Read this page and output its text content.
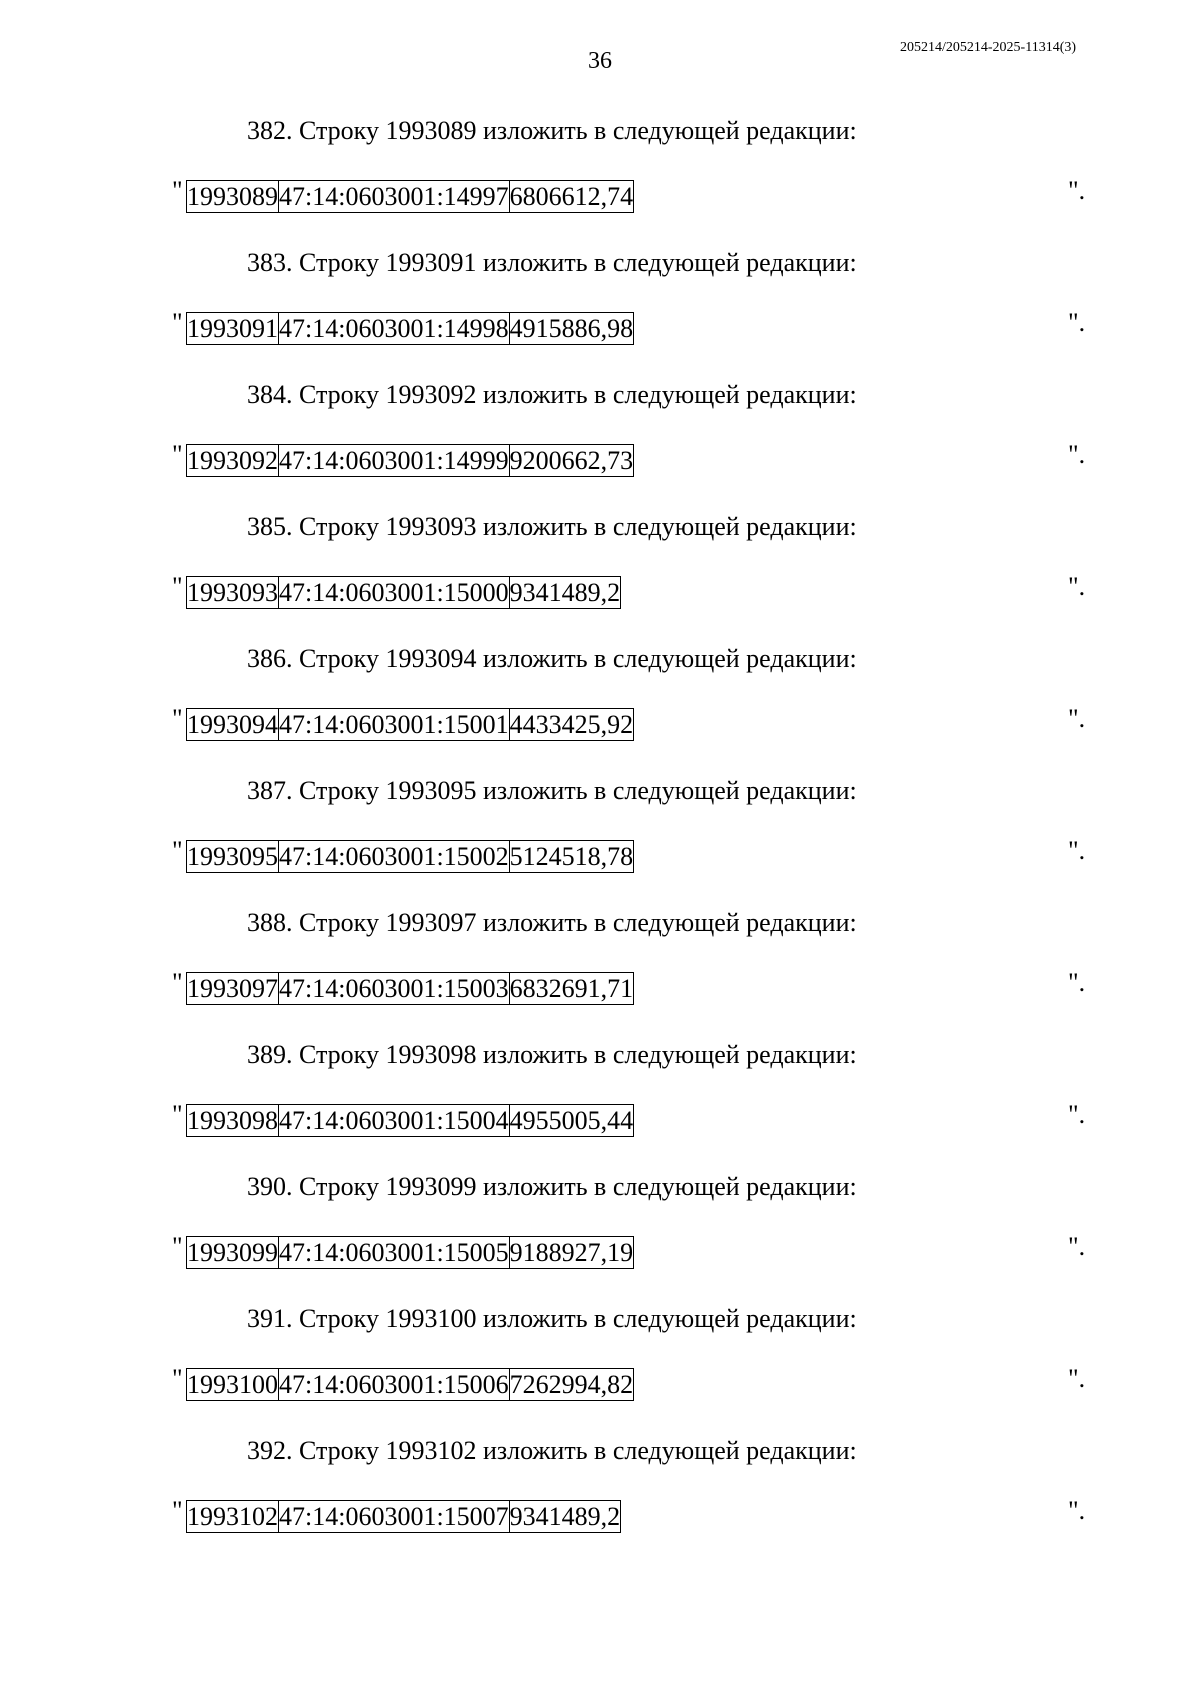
36
205214/205214-2025-11314(3)
382. Строку 1993089 изложить в следующей редакции:
" 1993089	47:14:0603001:14997	6806612,74	".
383. Строку 1993091 изложить в следующей редакции:
" 1993091	47:14:0603001:14998	4915886,98	".
384. Строку 1993092 изложить в следующей редакции:
" 1993092	47:14:0603001:14999	9200662,73	".
385. Строку 1993093 изложить в следующей редакции:
" 1993093	47:14:0603001:15000	9341489,2	".
386. Строку 1993094 изложить в следующей редакции:
" 1993094	47:14:0603001:15001	4433425,92	".
387. Строку 1993095 изложить в следующей редакции:
" 1993095	47:14:0603001:15002	5124518,78	".
388. Строку 1993097 изложить в следующей редакции:
" 1993097	47:14:0603001:15003	6832691,71	".
389. Строку 1993098 изложить в следующей редакции:
" 1993098	47:14:0603001:15004	4955005,44	".
390. Строку 1993099 изложить в следующей редакции:
" 1993099	47:14:0603001:15005	9188927,19	".
391. Строку 1993100 изложить в следующей редакции:
" 1993100	47:14:0603001:15006	7262994,82	".
392. Строку 1993102 изложить в следующей редакции:
" 1993102	47:14:0603001:15007	9341489,2	".
